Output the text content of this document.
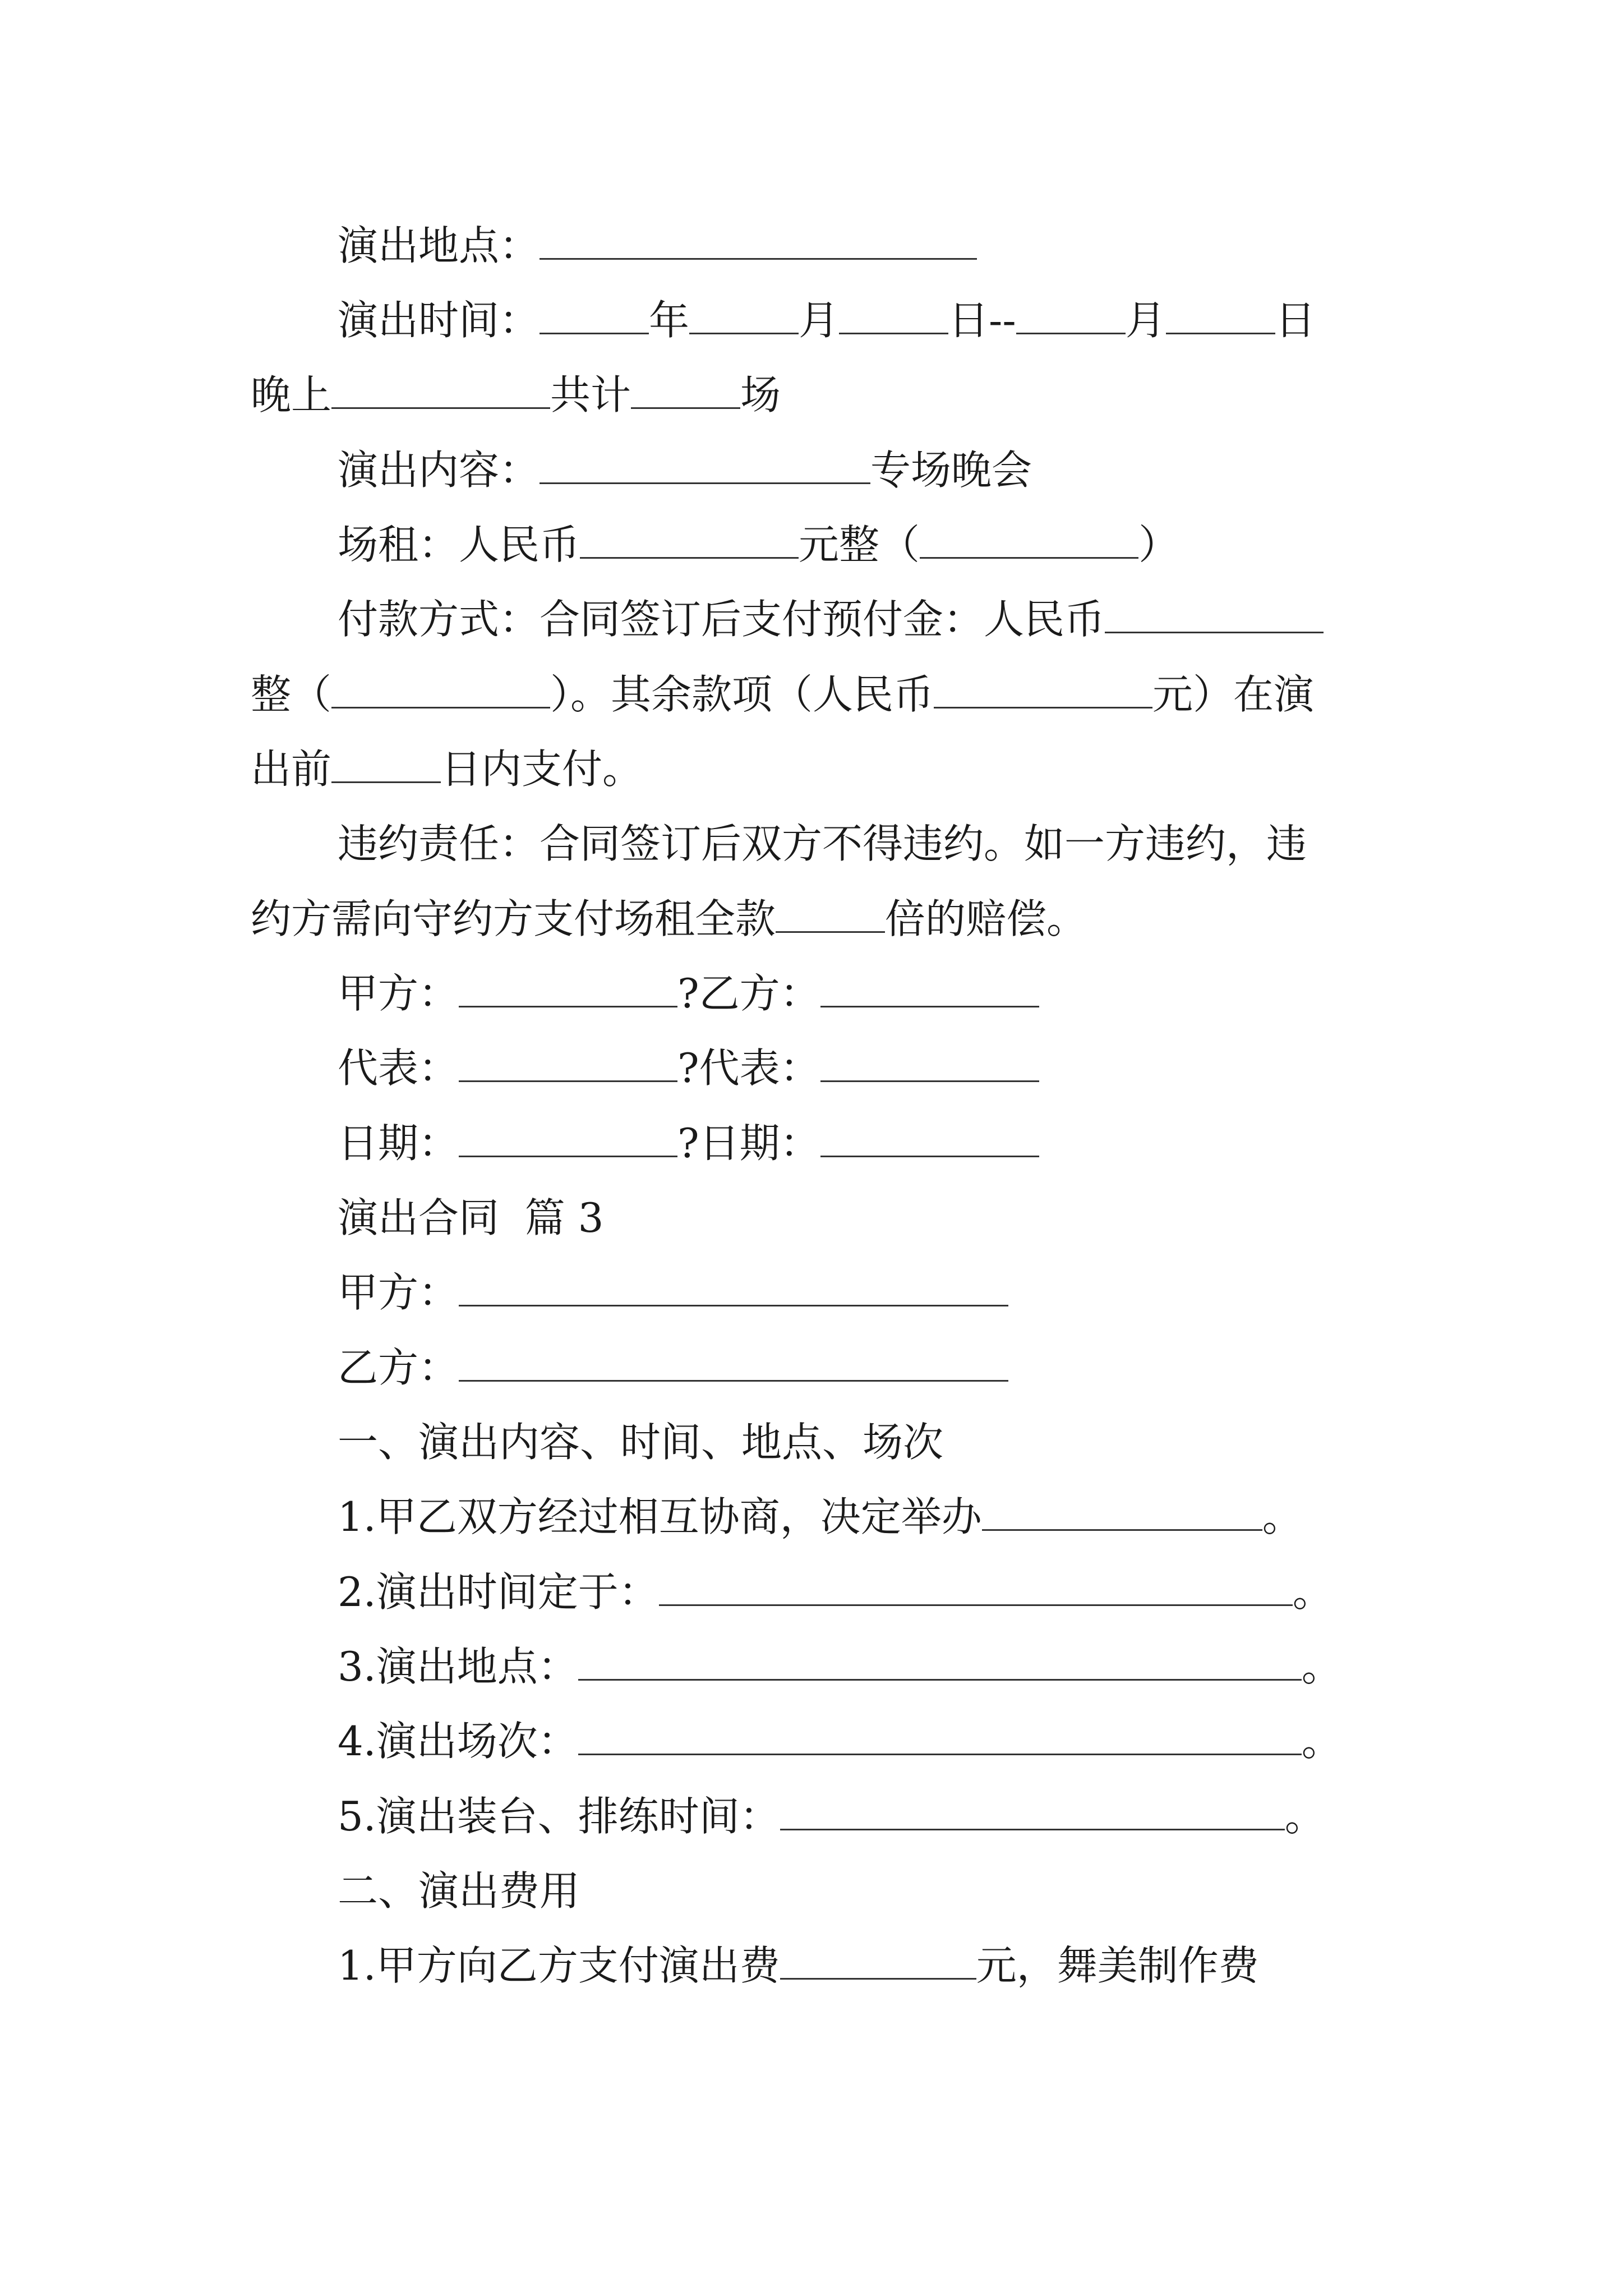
演出地点：
演出时间：	年	月	日--	月	日
晚上	共计	场
演出内容：	专场晚会
场租：人民币	元整（	）
付款方式：合同签订后支付预付金：人民币
整（	）。其余款项（人民币	元）在演
出前	日内支付。
违约责任：合同签订后双方不得违约。如一方违约，违
约方需向守约方支付场租全款	倍的赔偿。
甲方：	?乙方：
代表：	?代表：
日期：	?日期：
演出合同  篇 3
甲方：
乙方：
一、演出内容、时间、地点、场次
1.甲乙双方经过相互协商，决定举办	。
2.演出时间定于：	。
3.演出地点：	。
4.演出场次：	。
5.演出装台、排练时间：	。
二、演出费用
1.甲方向乙方支付演出费	元，舞美制作费
